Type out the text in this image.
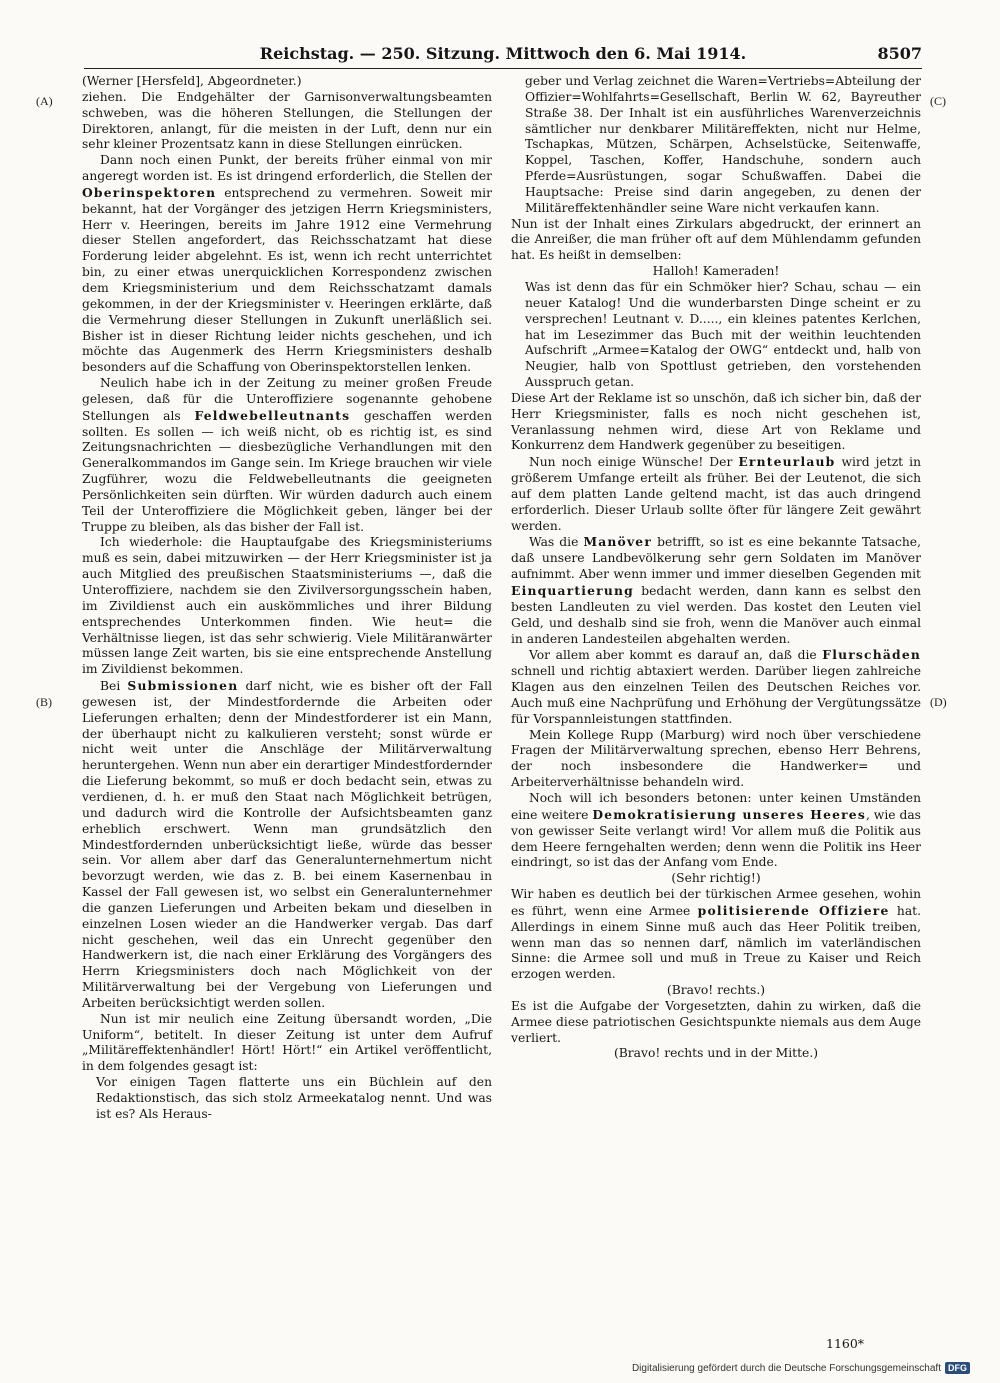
Reichstag. — 250. Sitzung. Mittwoch den 6. Mai 1914.	8507
(A)
(B)
(C)
(D)

(Werner [Hersfeld], Abgeordneter.)

ziehen. Die Endgehälter der Garnisonverwaltungsbeamten schweben, was die höheren Stellungen, die Stellungen der Direktoren, anlangt, für die meisten in der Luft, denn nur ein sehr kleiner Prozentsatz kann in diese Stellungen einrücken.

Dann noch einen Punkt, der bereits früher einmal von mir angeregt worden ist. Es ist dringend erforderlich, die Stellen der Oberinspektoren entsprechend zu vermehren. Soweit mir bekannt, hat der Vorgänger des jetzigen Herrn Kriegsministers, Herr v. Heeringen, bereits im Jahre 1912 eine Vermehrung dieser Stellen angefordert, das Reichsschatzamt hat diese Forderung leider abgelehnt. Es ist, wenn ich recht unterrichtet bin, zu einer etwas unerquicklichen Korrespondenz zwischen dem Kriegsministerium und dem Reichsschatzamt damals gekommen, in der der Kriegsminister v. Heeringen erklärte, daß die Vermehrung dieser Stellungen in Zukunft unerläßlich sei. Bisher ist in dieser Richtung leider nichts geschehen, und ich möchte das Augenmerk des Herrn Kriegsministers deshalb besonders auf die Schaffung von Oberinspektorstellen lenken.

Neulich habe ich in der Zeitung zu meiner großen Freude gelesen, daß für die Unteroffiziere sogenannte gehobene Stellungen als Feldwebelleutnants geschaffen werden sollten. Es sollen — ich weiß nicht, ob es richtig ist, es sind Zeitungsnachrichten — diesbezügliche Verhandlungen mit den Generalkommandos im Gange sein. Im Kriege brauchen wir viele Zugführer, wozu die Feldwebelleutnants die geeigneten Persönlichkeiten sein dürften. Wir würden dadurch auch einem Teil der Unteroffiziere die Möglichkeit geben, länger bei der Truppe zu bleiben, als das bisher der Fall ist.

Ich wiederhole: die Hauptaufgabe des Kriegsministeriums muß es sein, dabei mitzuwirken — der Herr Kriegsminister ist ja auch Mitglied des preußischen Staatsministeriums —, daß die Unteroffiziere, nachdem sie den Zivilversorgungsschein haben, im Zivildienst auch ein auskömmliches und ihrer Bildung entsprechendes Unterkommen finden. Wie heut= die Verhältnisse liegen, ist das sehr schwierig. Viele Militäranwärter müssen lange Zeit warten, bis sie eine entsprechende Anstellung im Zivildienst bekommen.

Bei Submissionen darf nicht, wie es bisher oft der Fall gewesen ist, der Mindestfordernde die Arbeiten oder Lieferungen erhalten; denn der Mindestforderer ist ein Mann, der überhaupt nicht zu kalkulieren versteht; sonst würde er nicht weit unter die Anschläge der Militärverwaltung heruntergehen. Wenn nun aber ein derartiger Mindestfordernder die Lieferung bekommt, so muß er doch bedacht sein, etwas zu verdienen, d. h. er muß den Staat nach Möglichkeit betrügen, und dadurch wird die Kontrolle der Aufsichtsbeamten ganz erheblich erschwert. Wenn man grundsätzlich den Mindestfordernden unberücksichtigt ließe, würde das besser sein. Vor allem aber darf das Generalunternehmertum nicht bevorzugt werden, wie das z. B. bei einem Kasernenbau in Kassel der Fall gewesen ist, wo selbst ein Generalunternehmer die ganzen Lieferungen und Arbeiten bekam und dieselben in einzelnen Losen wieder an die Handwerker vergab. Das darf nicht geschehen, weil das ein Unrecht gegenüber den Handwerkern ist, die nach einer Erklärung des Vorgängers des Herrn Kriegsministers doch nach Möglichkeit von der Militärverwaltung bei der Vergebung von Lieferungen und Arbeiten berücksichtigt werden sollen.

Nun ist mir neulich eine Zeitung übersandt worden, „Die Uniform“, betitelt. In dieser Zeitung ist unter dem Aufruf „Militäreffektenhändler! Hört! Hört!“ ein Artikel veröffentlicht, in dem folgendes gesagt ist:

Vor einigen Tagen flatterte uns ein Büchlein auf den Redaktionstisch, das sich stolz Armeekatalog nennt. Und was ist es? Als Heraus-

geber und Verlag zeichnet die Waren=Vertriebs=Abteilung der Offizier=Wohlfahrts=Gesellschaft, Berlin W. 62, Bayreuther Straße 38. Der Inhalt ist ein ausführliches Warenverzeichnis sämtlicher nur denkbarer Militäreffekten, nicht nur Helme, Tschapkas, Mützen, Schärpen, Achselstücke, Seitenwaffe, Koppel, Taschen, Koffer, Handschuhe, sondern auch Pferde=Ausrüstungen, sogar Schußwaffen. Dabei die Hauptsache: Preise sind darin angegeben, zu denen der Militäreffektenhändler seine Ware nicht verkaufen kann.

Nun ist der Inhalt eines Zirkulars abgedruckt, der erinnert an die Anreißer, die man früher oft auf dem Mühlendamm gefunden hat. Es heißt in demselben:

Halloh! Kameraden!

Was ist denn das für ein Schmöker hier? Schau, schau — ein neuer Katalog! Und die wunderbarsten Dinge scheint er zu versprechen! Leutnant v. D....., ein kleines patentes Kerlchen, hat im Lesezimmer das Buch mit der weithin leuchtenden Aufschrift „Armee=Katalog der OWG“ entdeckt und, halb von Neugier, halb von Spottlust getrieben, den vorstehenden Ausspruch getan.

Diese Art der Reklame ist so unschön, daß ich sicher bin, daß der Herr Kriegsminister, falls es noch nicht geschehen ist, Veranlassung nehmen wird, diese Art von Reklame und Konkurrenz dem Handwerk gegenüber zu beseitigen.

Nun noch einige Wünsche! Der Ernteurlaub wird jetzt in größerem Umfange erteilt als früher. Bei der Leutenot, die sich auf dem platten Lande geltend macht, ist das auch dringend erforderlich. Dieser Urlaub sollte öfter für längere Zeit gewährt werden.

Was die Manöver betrifft, so ist es eine bekannte Tatsache, daß unsere Landbevölkerung sehr gern Soldaten im Manöver aufnimmt. Aber wenn immer und immer dieselben Gegenden mit Einquartierung bedacht werden, dann kann es selbst den besten Landleuten zu viel werden. Das kostet den Leuten viel Geld, und deshalb sind sie froh, wenn die Manöver auch einmal in anderen Landesteilen abgehalten werden.

Vor allem aber kommt es darauf an, daß die Flurschäden schnell und richtig abtaxiert werden. Darüber liegen zahlreiche Klagen aus den einzelnen Teilen des Deutschen Reiches vor. Auch muß eine Nachprüfung und Erhöhung der Vergütungssätze für Vorspannleistungen stattfinden.

Mein Kollege Rupp (Marburg) wird noch über verschiedene Fragen der Militärverwaltung sprechen, ebenso Herr Behrens, der noch insbesondere die Handwerker= und Arbeiterverhältnisse behandeln wird.

Noch will ich besonders betonen: unter keinen Umständen eine weitere Demokratisierung unseres Heeres, wie das von gewisser Seite verlangt wird! Vor allem muß die Politik aus dem Heere ferngehalten werden; denn wenn die Politik ins Heer eindringt, so ist das der Anfang vom Ende.

(Sehr richtig!)

Wir haben es deutlich bei der türkischen Armee gesehen, wohin es führt, wenn eine Armee politisierende Offiziere hat. Allerdings in einem Sinne muß auch das Heer Politik treiben, wenn man das so nennen darf, nämlich im vaterländischen Sinne: die Armee soll und muß in Treue zu Kaiser und Reich erzogen werden.

(Bravo! rechts.)

Es ist die Aufgabe der Vorgesetzten, dahin zu wirken, daß die Armee diese patriotischen Gesichtspunkte niemals aus dem Auge verliert.

(Bravo! rechts und in der Mitte.)

1160*
Digitalisierung gefördert durch die Deutsche Forschungsgemeinschaft DFG
